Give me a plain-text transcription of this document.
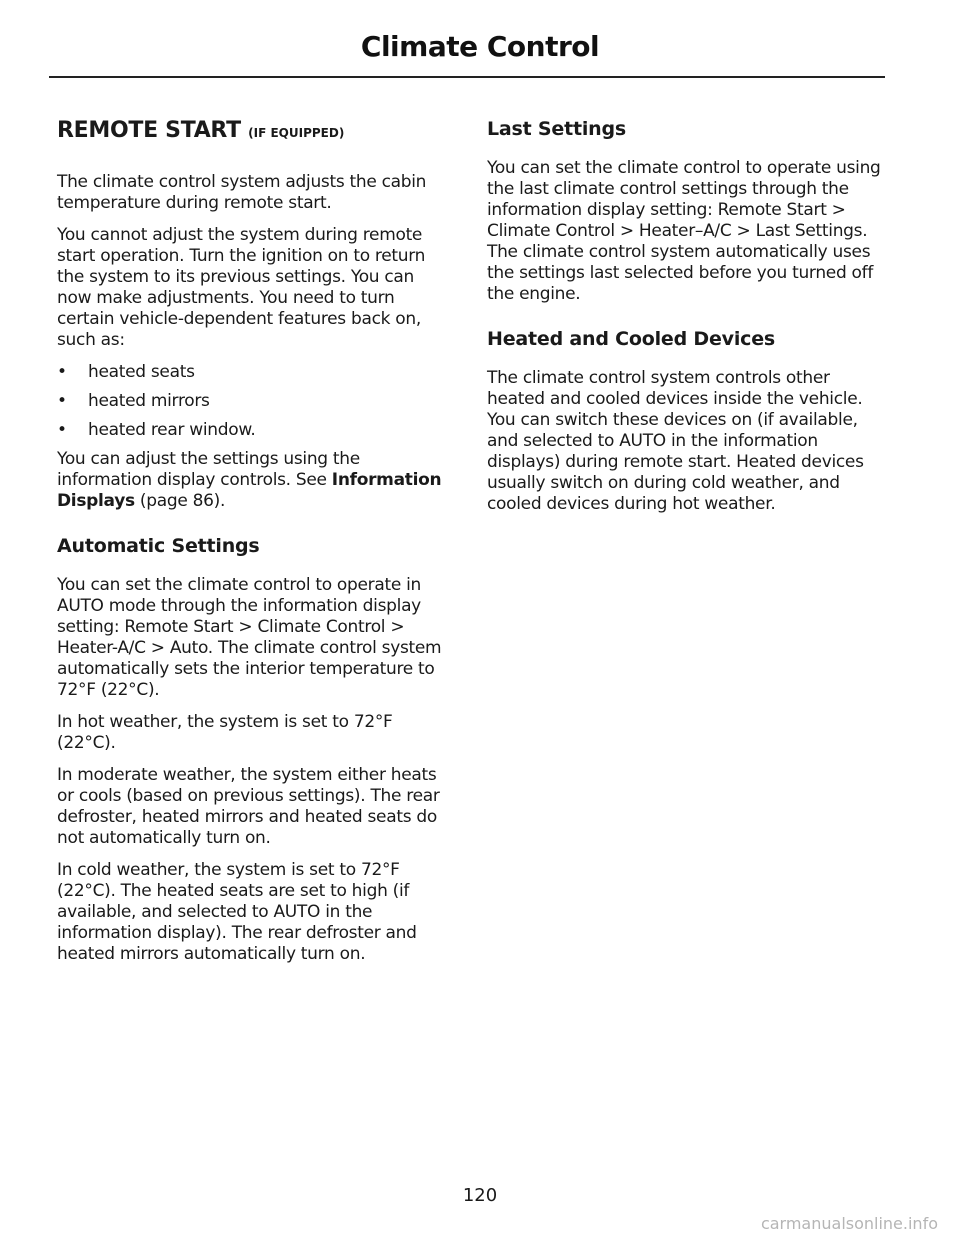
Climate Control
REMOTE START (IF EQUIPPED)

The climate control system adjusts the cabin temperature during remote start.

You cannot adjust the system during remote start operation. Turn the ignition on to return the system to its previous settings. You can now make adjustments. You need to turn certain vehicle-dependent features back on, such as:

• heated seats
• heated mirrors
• heated rear window.

You can adjust the settings using the information display controls. See Information Displays (page 86).

Automatic Settings

You can set the climate control to operate in AUTO mode through the information display setting: Remote Start > Climate Control > Heater-A/C > Auto. The climate control system automatically sets the interior temperature to 72°F (22°C).

In hot weather, the system is set to 72°F (22°C).

In moderate weather, the system either heats or cools (based on previous settings). The rear defroster, heated mirrors and heated seats do not automatically turn on.

In cold weather, the system is set to 72°F (22°C). The heated seats are set to high (if available, and selected to AUTO in the information display). The rear defroster and heated mirrors automatically turn on.

Last Settings

You can set the climate control to operate using the last climate control settings through the information display setting: Remote Start > Climate Control > Heater–A/C > Last Settings. The climate control system automatically uses the settings last selected before you turned off the engine.

Heated and Cooled Devices

The climate control system controls other heated and cooled devices inside the vehicle. You can switch these devices on (if available, and selected to AUTO in the information displays) during remote start. Heated devices usually switch on during cold weather, and cooled devices during hot weather.

120
carmanualsonline.info
